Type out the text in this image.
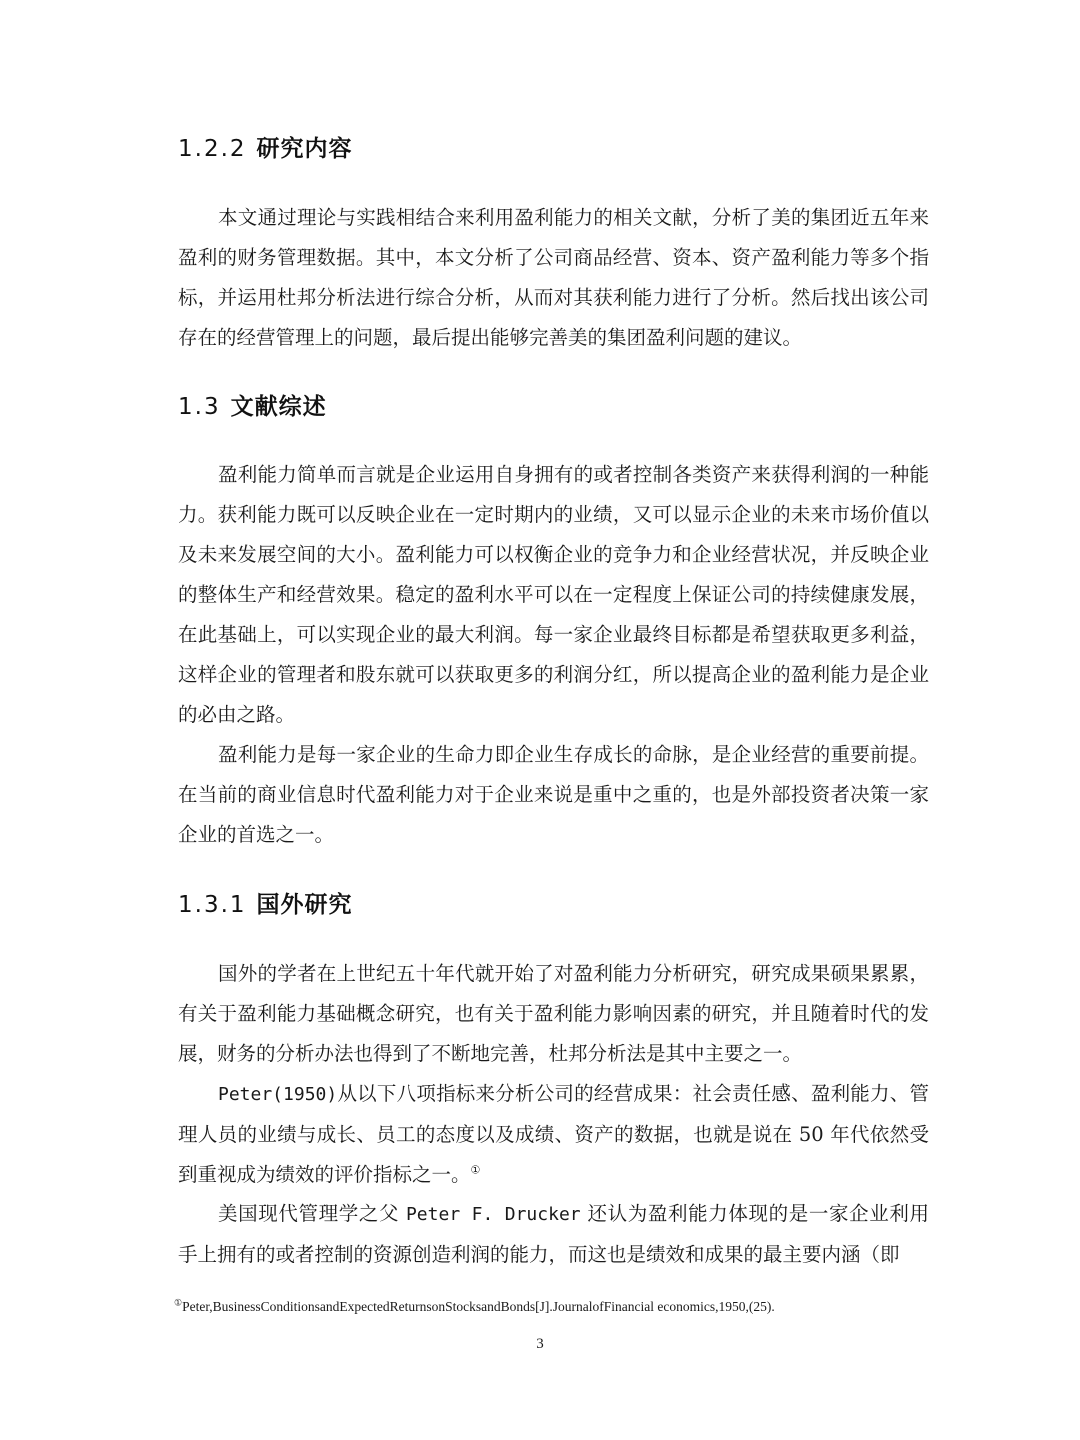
1.2.2 研究内容

本文通过理论与实践相结合来利用盈利能力的相关文献，分析了美的集团近五年来盈利的财务管理数据。其中，本文分析了公司商品经营、资本、资产盈利能力等多个指标，并运用杜邦分析法进行综合分析，从而对其获利能力进行了分析。然后找出该公司存在的经营管理上的问题，最后提出能够完善美的集团盈利问题的建议。

1.3 文献综述

盈利能力简单而言就是企业运用自身拥有的或者控制各类资产来获得利润的一种能力。获利能力既可以反映企业在一定时期内的业绩，又可以显示企业的未来市场价值以及未来发展空间的大小。盈利能力可以权衡企业的竞争力和企业经营状况，并反映企业的整体生产和经营效果。稳定的盈利水平可以在一定程度上保证公司的持续健康发展，在此基础上，可以实现企业的最大利润。每一家企业最终目标都是希望获取更多利益，这样企业的管理者和股东就可以获取更多的利润分红，所以提高企业的盈利能力是企业的必由之路。

盈利能力是每一家企业的生命力即企业生存成长的命脉，是企业经营的重要前提。在当前的商业信息时代盈利能力对于企业来说是重中之重的，也是外部投资者决策一家企业的首选之一。

1.3.1 国外研究

国外的学者在上世纪五十年代就开始了对盈利能力分析研究，研究成果硕果累累，有关于盈利能力基础概念研究，也有关于盈利能力影响因素的研究，并且随着时代的发展，财务的分析办法也得到了不断地完善，杜邦分析法是其中主要之一。

Peter(1950)从以下八项指标来分析公司的经营成果：社会责任感、盈利能力、管理人员的业绩与成长、员工的态度以及成绩、资产的数据，也就是说在 50 年代依然受到重视成为绩效的评价指标之一。①

美国现代管理学之父 Peter F. Drucker 还认为盈利能力体现的是一家企业利用手上拥有的或者控制的资源创造利润的能力，而这也是绩效和成果的最主要内涵（即

①Peter,BusinessConditionsandExpectedReturnsonStocksandBonds[J].JournalofFinancial economics,1950,(25).
3
